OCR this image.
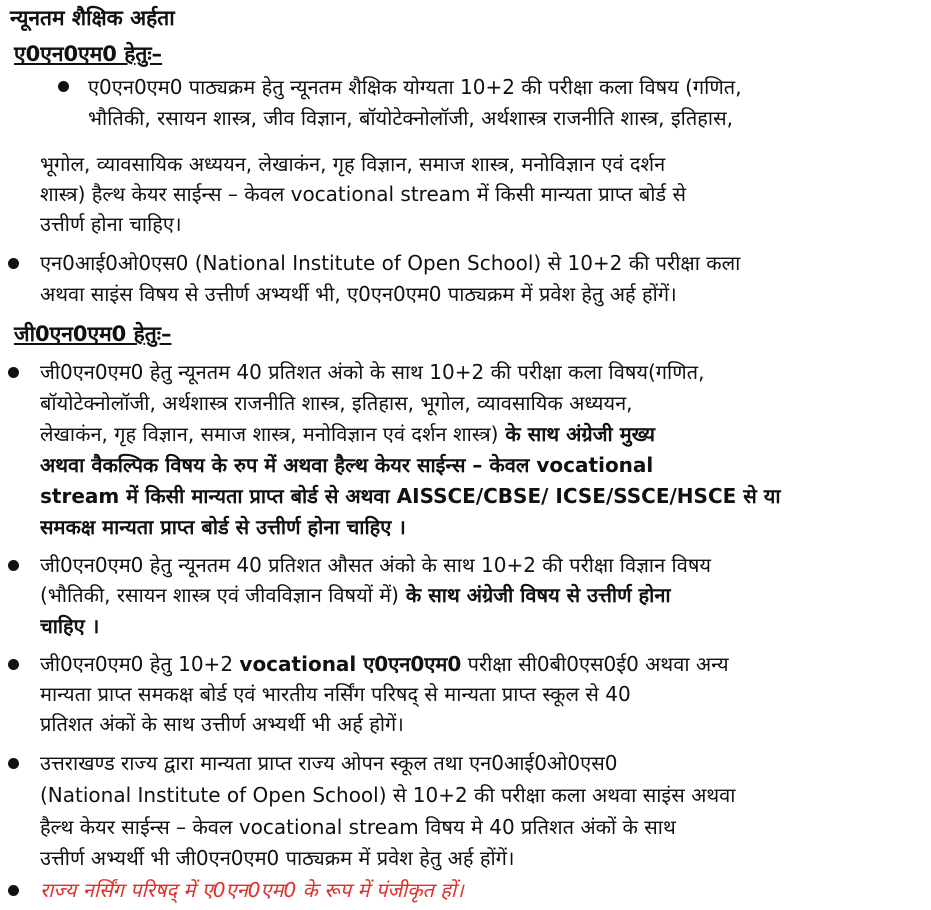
न्यूनतम शैक्षिक अर्हता
ए0एन0एम0 हेतुः–
ए0एन0एम0 पाठ्यक्रम हेतु न्यूनतम शैक्षिक योग्यता 10+2 की परीक्षा कला विषय (गणित,
भौतिकी, रसायन शास्त्र, जीव विज्ञान, बॉयोटेक्नोलॉजी, अर्थशास्त्र राजनीति शास्त्र, इतिहास,
भूगोल, व्यावसायिक अध्ययन, लेखाकंन, गृह विज्ञान, समाज शास्त्र, मनोविज्ञान एवं दर्शन
शास्त्र) हैल्थ केयर साईन्स – केवल vocational stream में किसी मान्यता प्राप्त बोर्ड से
उत्तीर्ण होना चाहिए।
एन0आई0ओ0एस0 (National Institute of Open School) से 10+2 की परीक्षा कला
अथवा साइंस विषय से उत्तीर्ण अभ्यर्थी भी, ए0एन0एम0 पाठ्यक्रम में प्रवेश हेतु अर्ह होंगें।
जी0एन0एम0 हेतुः–
जी0एन0एम0 हेतु न्यूनतम 40 प्रतिशत अंको के साथ 10+2 की परीक्षा कला विषय(गणित,
बॉयोटेक्नोलॉजी, अर्थशास्त्र राजनीति शास्त्र, इतिहास, भूगोल, व्यावसायिक अध्ययन,
लेखाकंन, गृह विज्ञान, समाज शास्त्र, मनोविज्ञान एवं दर्शन शास्त्र) के साथ अंग्रेजी मुख्य
अथवा वैकल्पिक विषय के रुप में अथवा हैल्थ केयर साईन्स – केवल vocational
stream में किसी मान्यता प्राप्त बोर्ड से अथवा AISSCE/CBSE/ ICSE/SSCE/HSCE से या
समकक्ष मान्यता प्राप्त बोर्ड से उत्तीर्ण होना चाहिए ।
जी0एन0एम0 हेतु न्यूनतम 40 प्रतिशत औसत अंको के साथ 10+2 की परीक्षा विज्ञान विषय
(भौतिकी, रसायन शास्त्र एवं जीवविज्ञान विषयों में) के साथ अंग्रेजी विषय से उत्तीर्ण होना
चाहिए ।
जी0एन0एम0 हेतु 10+2 vocational ए0एन0एम0 परीक्षा सी0बी0एस0ई0 अथवा अन्य
मान्यता प्राप्त समकक्ष बोर्ड एवं भारतीय नर्सिंग परिषद् से मान्यता प्राप्त स्कूल से 40
प्रतिशत अंकों के साथ उत्तीर्ण अभ्यर्थी भी अर्ह होगें।
उत्तराखण्ड राज्य द्वारा मान्यता प्राप्त राज्य ओपन स्कूल तथा एन0आई0ओ0एस0
(National Institute of Open School) से 10+2 की परीक्षा कला अथवा साइंस अथवा
हैल्थ केयर साईन्स – केवल vocational stream विषय मे 40 प्रतिशत अंकों के साथ
उत्तीर्ण अभ्यर्थी भी जी0एन0एम0 पाठ्यक्रम में प्रवेश हेतु अर्ह होंगें।
राज्य नर्सिंग परिषद् में ए0एन0एम0 के रूप में पंजीकृत हों।
